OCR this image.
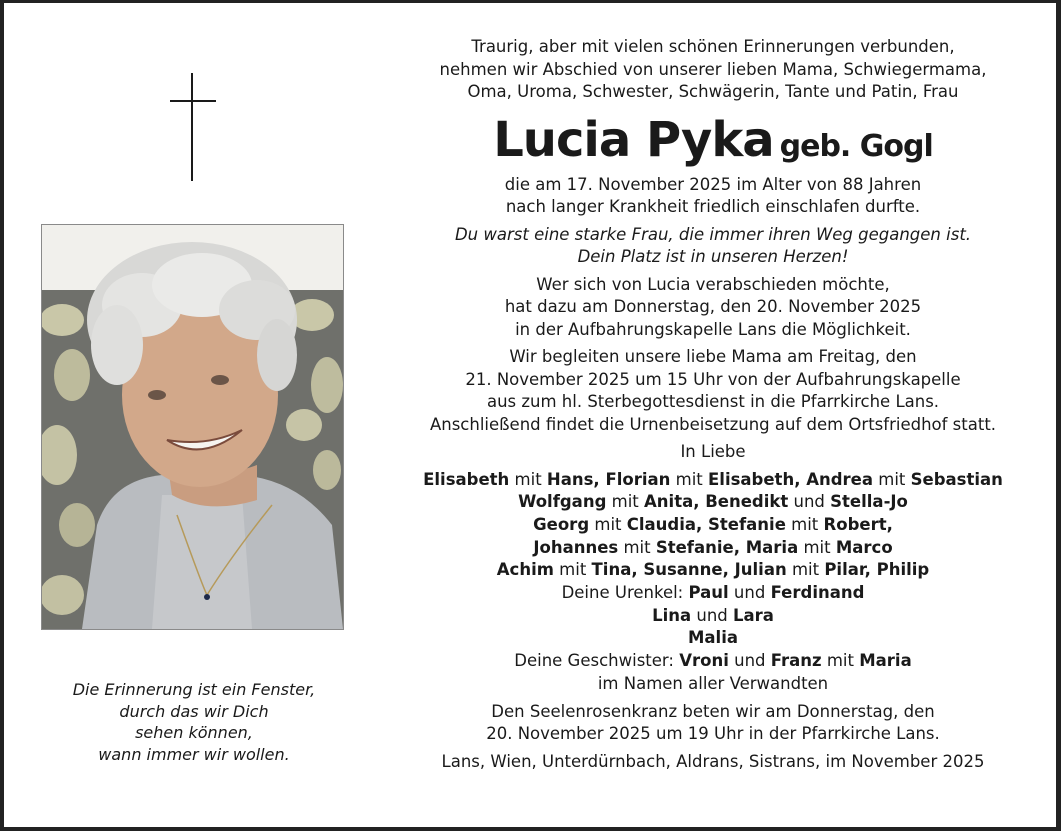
Die Erinnerung ist ein Fenster,
durch das wir Dich
sehen können,
wann immer wir wollen.

Traurig, aber mit vielen schönen Erinnerungen verbunden,
nehmen wir Abschied von unserer lieben Mama, Schwiegermama,
Oma, Uroma, Schwester, Schwägerin, Tante und Patin, Frau

Lucia Pyka geb. Gogl

die am 17. November 2025 im Alter von 88 Jahren
nach langer Krankheit friedlich einschlafen durfte.

Du warst eine starke Frau, die immer ihren Weg gegangen ist.
Dein Platz ist in unseren Herzen!

Wer sich von Lucia verabschieden möchte,
hat dazu am Donnerstag, den 20. November 2025
in der Aufbahrungskapelle Lans die Möglichkeit.

Wir begleiten unsere liebe Mama am Freitag, den
21. November 2025 um 15 Uhr von der Aufbahrungskapelle
aus zum hl. Sterbegottesdienst in die Pfarrkirche Lans.
Anschließend findet die Urnenbeisetzung auf dem Ortsfriedhof statt.

In Liebe

Elisabeth mit Hans, Florian mit Elisabeth, Andrea mit Sebastian
Wolfgang mit Anita, Benedikt und Stella-Jo
Georg mit Claudia, Stefanie mit Robert,
Johannes mit Stefanie, Maria mit Marco
Achim mit Tina, Susanne, Julian mit Pilar, Philip
Deine Urenkel: Paul und Ferdinand
Lina und Lara
Malia
Deine Geschwister: Vroni und Franz mit Maria
im Namen aller Verwandten

Den Seelenrosenkranz beten wir am Donnerstag, den
20. November 2025 um 19 Uhr in der Pfarrkirche Lans.

Lans, Wien, Unterdürnbach, Aldrans, Sistrans, im November 2025
